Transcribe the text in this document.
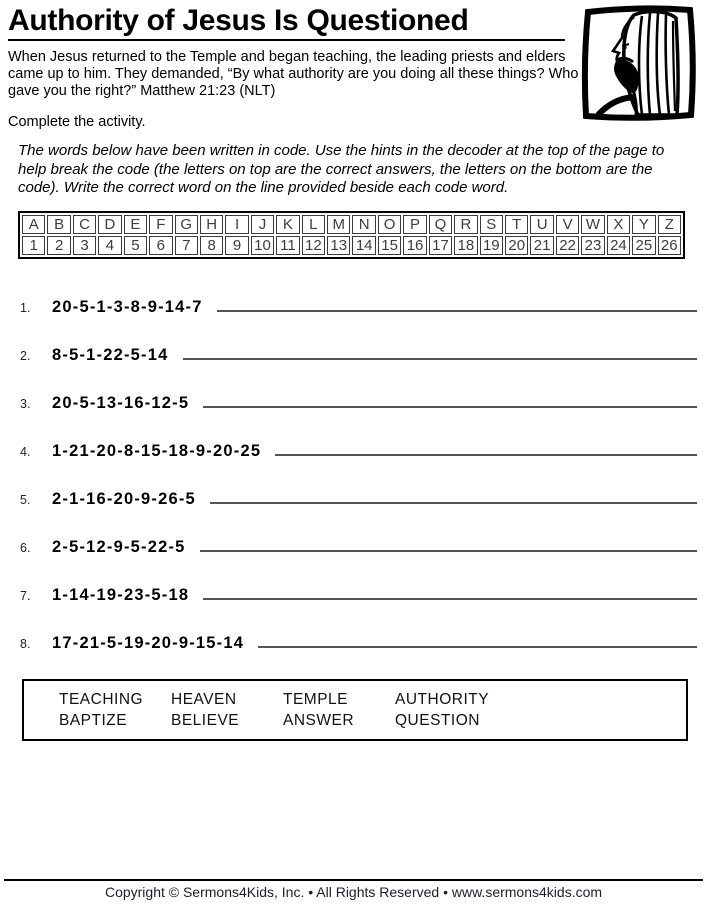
Authority of Jesus Is Questioned

When Jesus returned to the Temple and began teaching, the leading priests and elders came up to him. They demanded, “By what authority are you doing all these things? Who gave you the right?” Matthew 21:23 (NLT)

Complete the activity.

The words below have been written in code. Use the hints in the decoder at the top of the page to help break the code (the letters on top are the correct answers, the letters on the bottom are the code). Write the correct word on the line provided beside each code word.

A	B	C	D	E	F	G	H	I	J	K	L	M	N	O	P	Q	R	S	T	U	V	W	X	Y	Z
1	2	3	4	5	6	7	8	9	10	11	12	13	14	15	16	17	18	19	20	21	22	23	24	25	26
1. 20-5-1-3-8-9-14-7
2. 8-5-1-22-5-14
3. 20-5-13-16-12-5
4. 1-21-20-8-15-18-9-20-25
5. 2-1-16-20-9-26-5
6. 2-5-12-9-5-22-5
7. 1-14-19-23-5-18
8. 17-21-5-19-20-9-15-14
TEACHING	HEAVEN	TEMPLE	AUTHORITY
BAPTIZE	BELIEVE	ANSWER	QUESTION
Copyright © Sermons4Kids, Inc. • All Rights Reserved • www.sermons4kids.com
